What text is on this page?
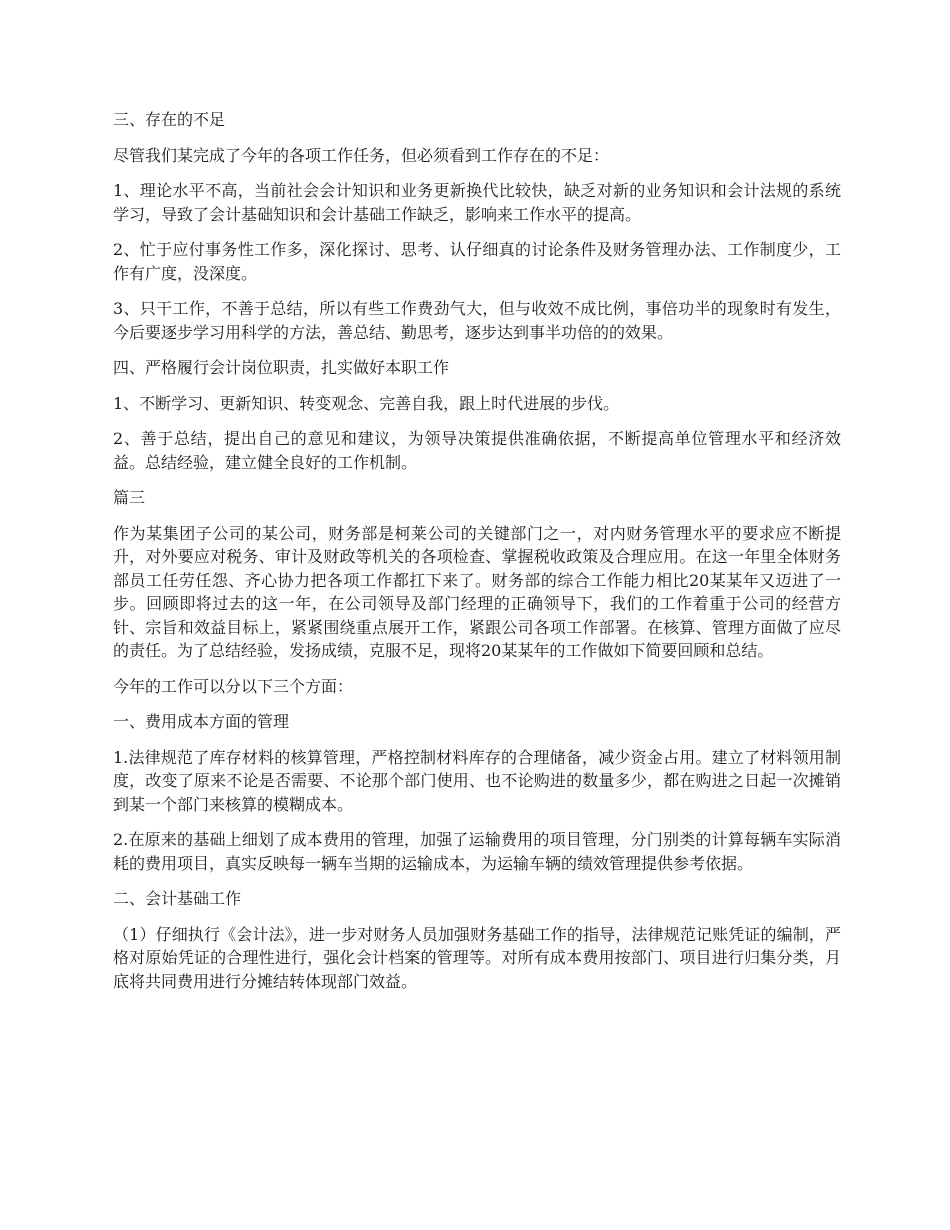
三、存在的不足

尽管我们某完成了今年的各项工作任务，但必须看到工作存在的不足：

1、理论水平不高，当前社会会计知识和业务更新换代比较快，缺乏对新的业务知识和会计法规的系统学习，导致了会计基础知识和会计基础工作缺乏，影响来工作水平的提高。

2、忙于应付事务性工作多，深化探讨、思考、认仔细真的讨论条件及财务管理办法、工作制度少，工作有广度，没深度。

3、只干工作，不善于总结，所以有些工作费劲气大，但与收效不成比例，事倍功半的现象时有发生，今后要逐步学习用科学的方法，善总结、勤思考，逐步达到事半功倍的的效果。

四、严格履行会计岗位职责，扎实做好本职工作

1、不断学习、更新知识、转变观念、完善自我，跟上时代进展的步伐。

2、善于总结，提出自己的意见和建议，为领导决策提供准确依据，不断提高单位管理水平和经济效益。总结经验，建立健全良好的工作机制。

篇三

作为某集团子公司的某公司，财务部是柯莱公司的关键部门之一，对内财务管理水平的要求应不断提升，对外要应对税务、审计及财政等机关的各项检查、掌握税收政策及合理应用。在这一年里全体财务部员工任劳任怨、齐心协力把各项工作都扛下来了。财务部的综合工作能力相比20某某年又迈进了一步。回顾即将过去的这一年，在公司领导及部门经理的正确领导下，我们的工作着重于公司的经营方针、宗旨和效益目标上，紧紧围绕重点展开工作，紧跟公司各项工作部署。在核算、管理方面做了应尽的责任。为了总结经验，发扬成绩，克服不足，现将20某某年的工作做如下简要回顾和总结。

今年的工作可以分以下三个方面：

一、费用成本方面的管理

1.法律规范了库存材料的核算管理，严格控制材料库存的合理储备，减少资金占用。建立了材料领用制度，改变了原来不论是否需要、不论那个部门使用、也不论购进的数量多少，都在购进之日起一次摊销到某一个部门来核算的模糊成本。

2.在原来的基础上细划了成本费用的管理，加强了运输费用的项目管理，分门别类的计算每辆车实际消耗的费用项目，真实反映每一辆车当期的运输成本，为运输车辆的绩效管理提供参考依据。

二、会计基础工作

（1）仔细执行《会计法》，进一步对财务人员加强财务基础工作的指导，法律规范记账凭证的编制，严格对原始凭证的合理性进行，强化会计档案的管理等。对所有成本费用按部门、项目进行归集分类，月底将共同费用进行分摊结转体现部门效益。
